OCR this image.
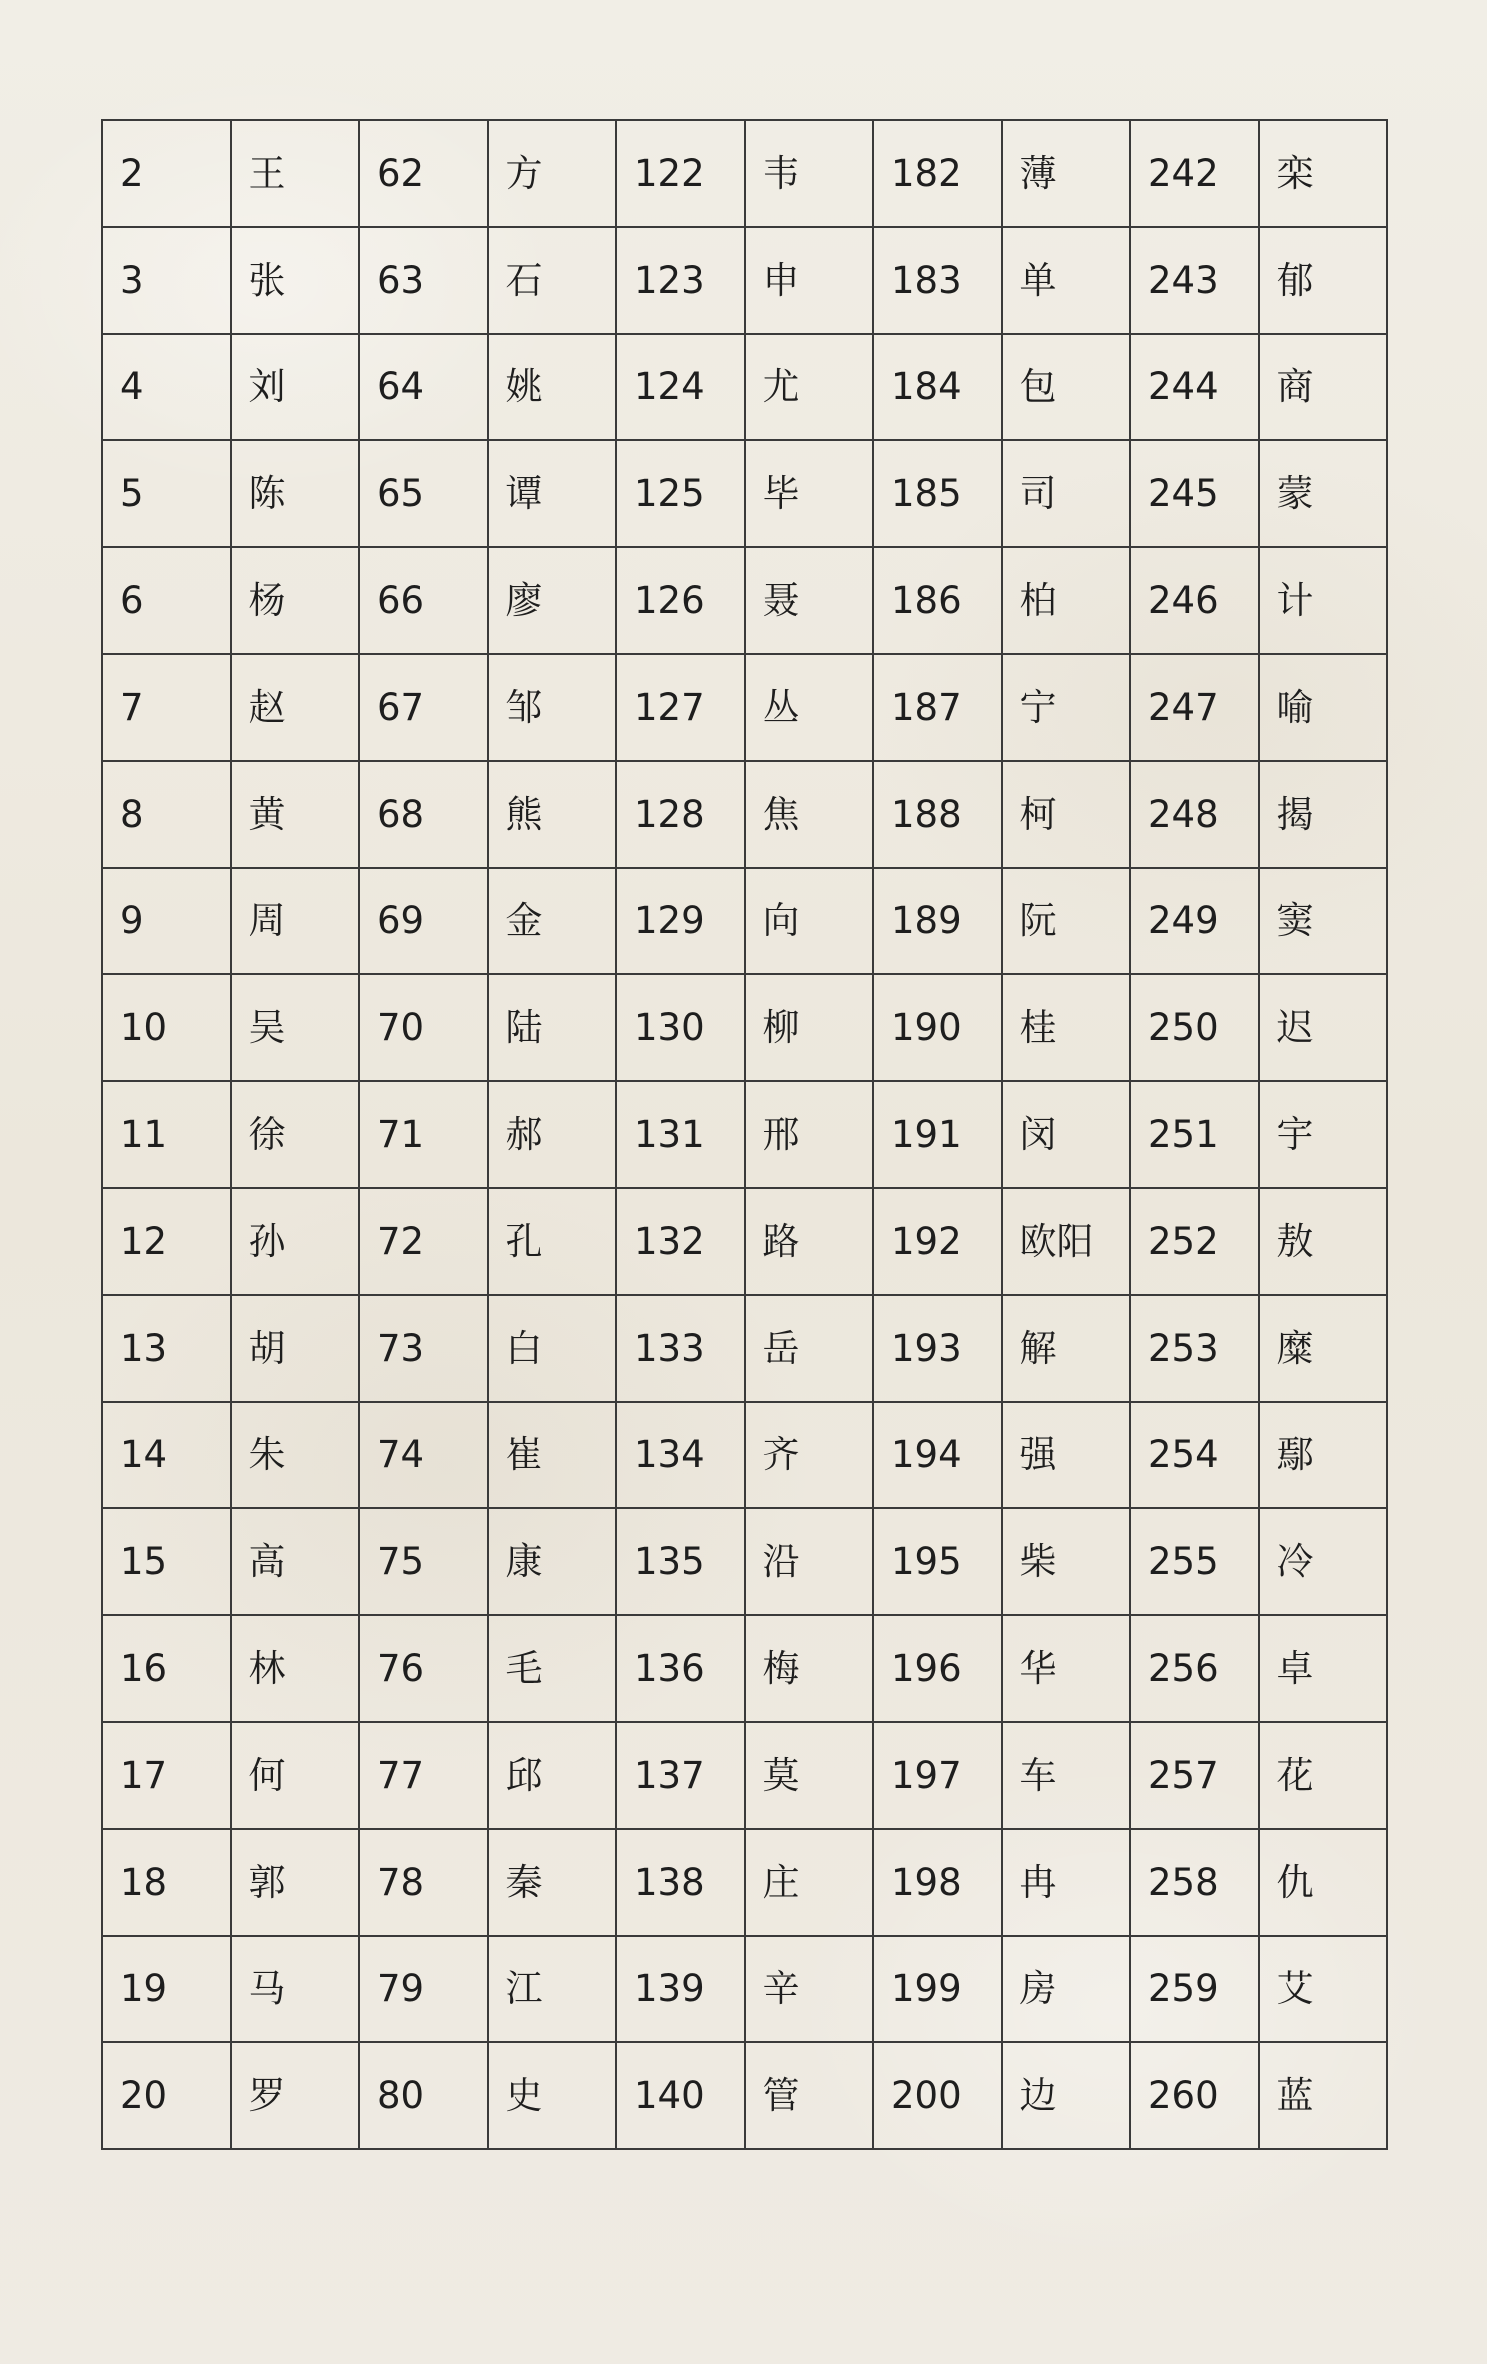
2	王	62	方	122	韦	182	薄	242	栾
3	张	63	石	123	申	183	单	243	郁
4	刘	64	姚	124	尤	184	包	244	商
5	陈	65	谭	125	毕	185	司	245	蒙
6	杨	66	廖	126	聂	186	柏	246	计
7	赵	67	邹	127	丛	187	宁	247	喻
8	黄	68	熊	128	焦	188	柯	248	揭
9	周	69	金	129	向	189	阮	249	窦
10	吴	70	陆	130	柳	190	桂	250	迟
11	徐	71	郝	131	邢	191	闵	251	宇
12	孙	72	孔	132	路	192	欧阳	252	敖
13	胡	73	白	133	岳	193	解	253	糜
14	朱	74	崔	134	齐	194	强	254	鄢
15	高	75	康	135	沿	195	柴	255	冷
16	林	76	毛	136	梅	196	华	256	卓
17	何	77	邱	137	莫	197	车	257	花
18	郭	78	秦	138	庄	198	冉	258	仇
19	马	79	江	139	辛	199	房	259	艾
20	罗	80	史	140	管	200	边	260	蓝
